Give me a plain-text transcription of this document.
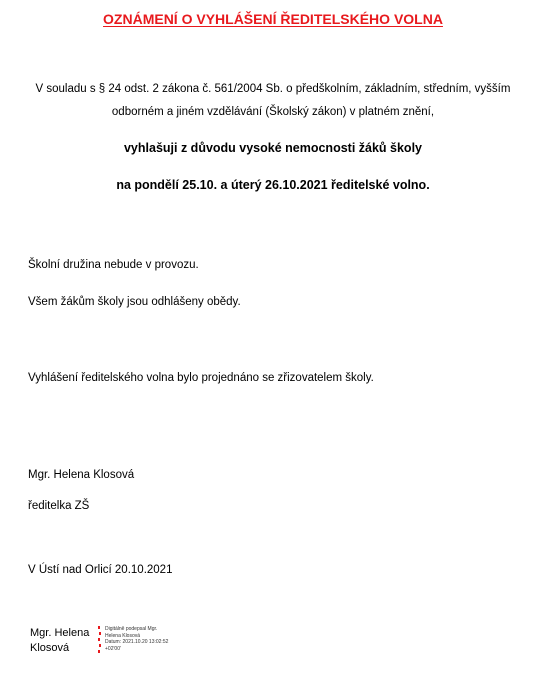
OZNÁMENÍ O VYHLÁŠENÍ ŘEDITELSKÉHO VOLNA
V souladu s § 24 odst. 2 zákona č. 561/2004 Sb. o předškolním, základním, středním, vyšším
odborném a jiném vzdělávání (Školský zákon) v platném znění,
vyhlašuji z důvodu vysoké nemocnosti žáků školy
na pondělí 25.10. a úterý 26.10.2021 ředitelské volno.
Školní družina nebude v provozu.
Všem žákům školy jsou odhlášeny obědy.
Vyhlášení ředitelského volna bylo projednáno se zřizovatelem školy.
Mgr. Helena Klosová
ředitelka ZŠ
V Ústí nad Orlicí 20.10.2021
Mgr. Helena
Klosová
Digitálně podepsal Mgr.
Helena Klosová
Datum: 2021.10.20 13:02:52
+02'00'
